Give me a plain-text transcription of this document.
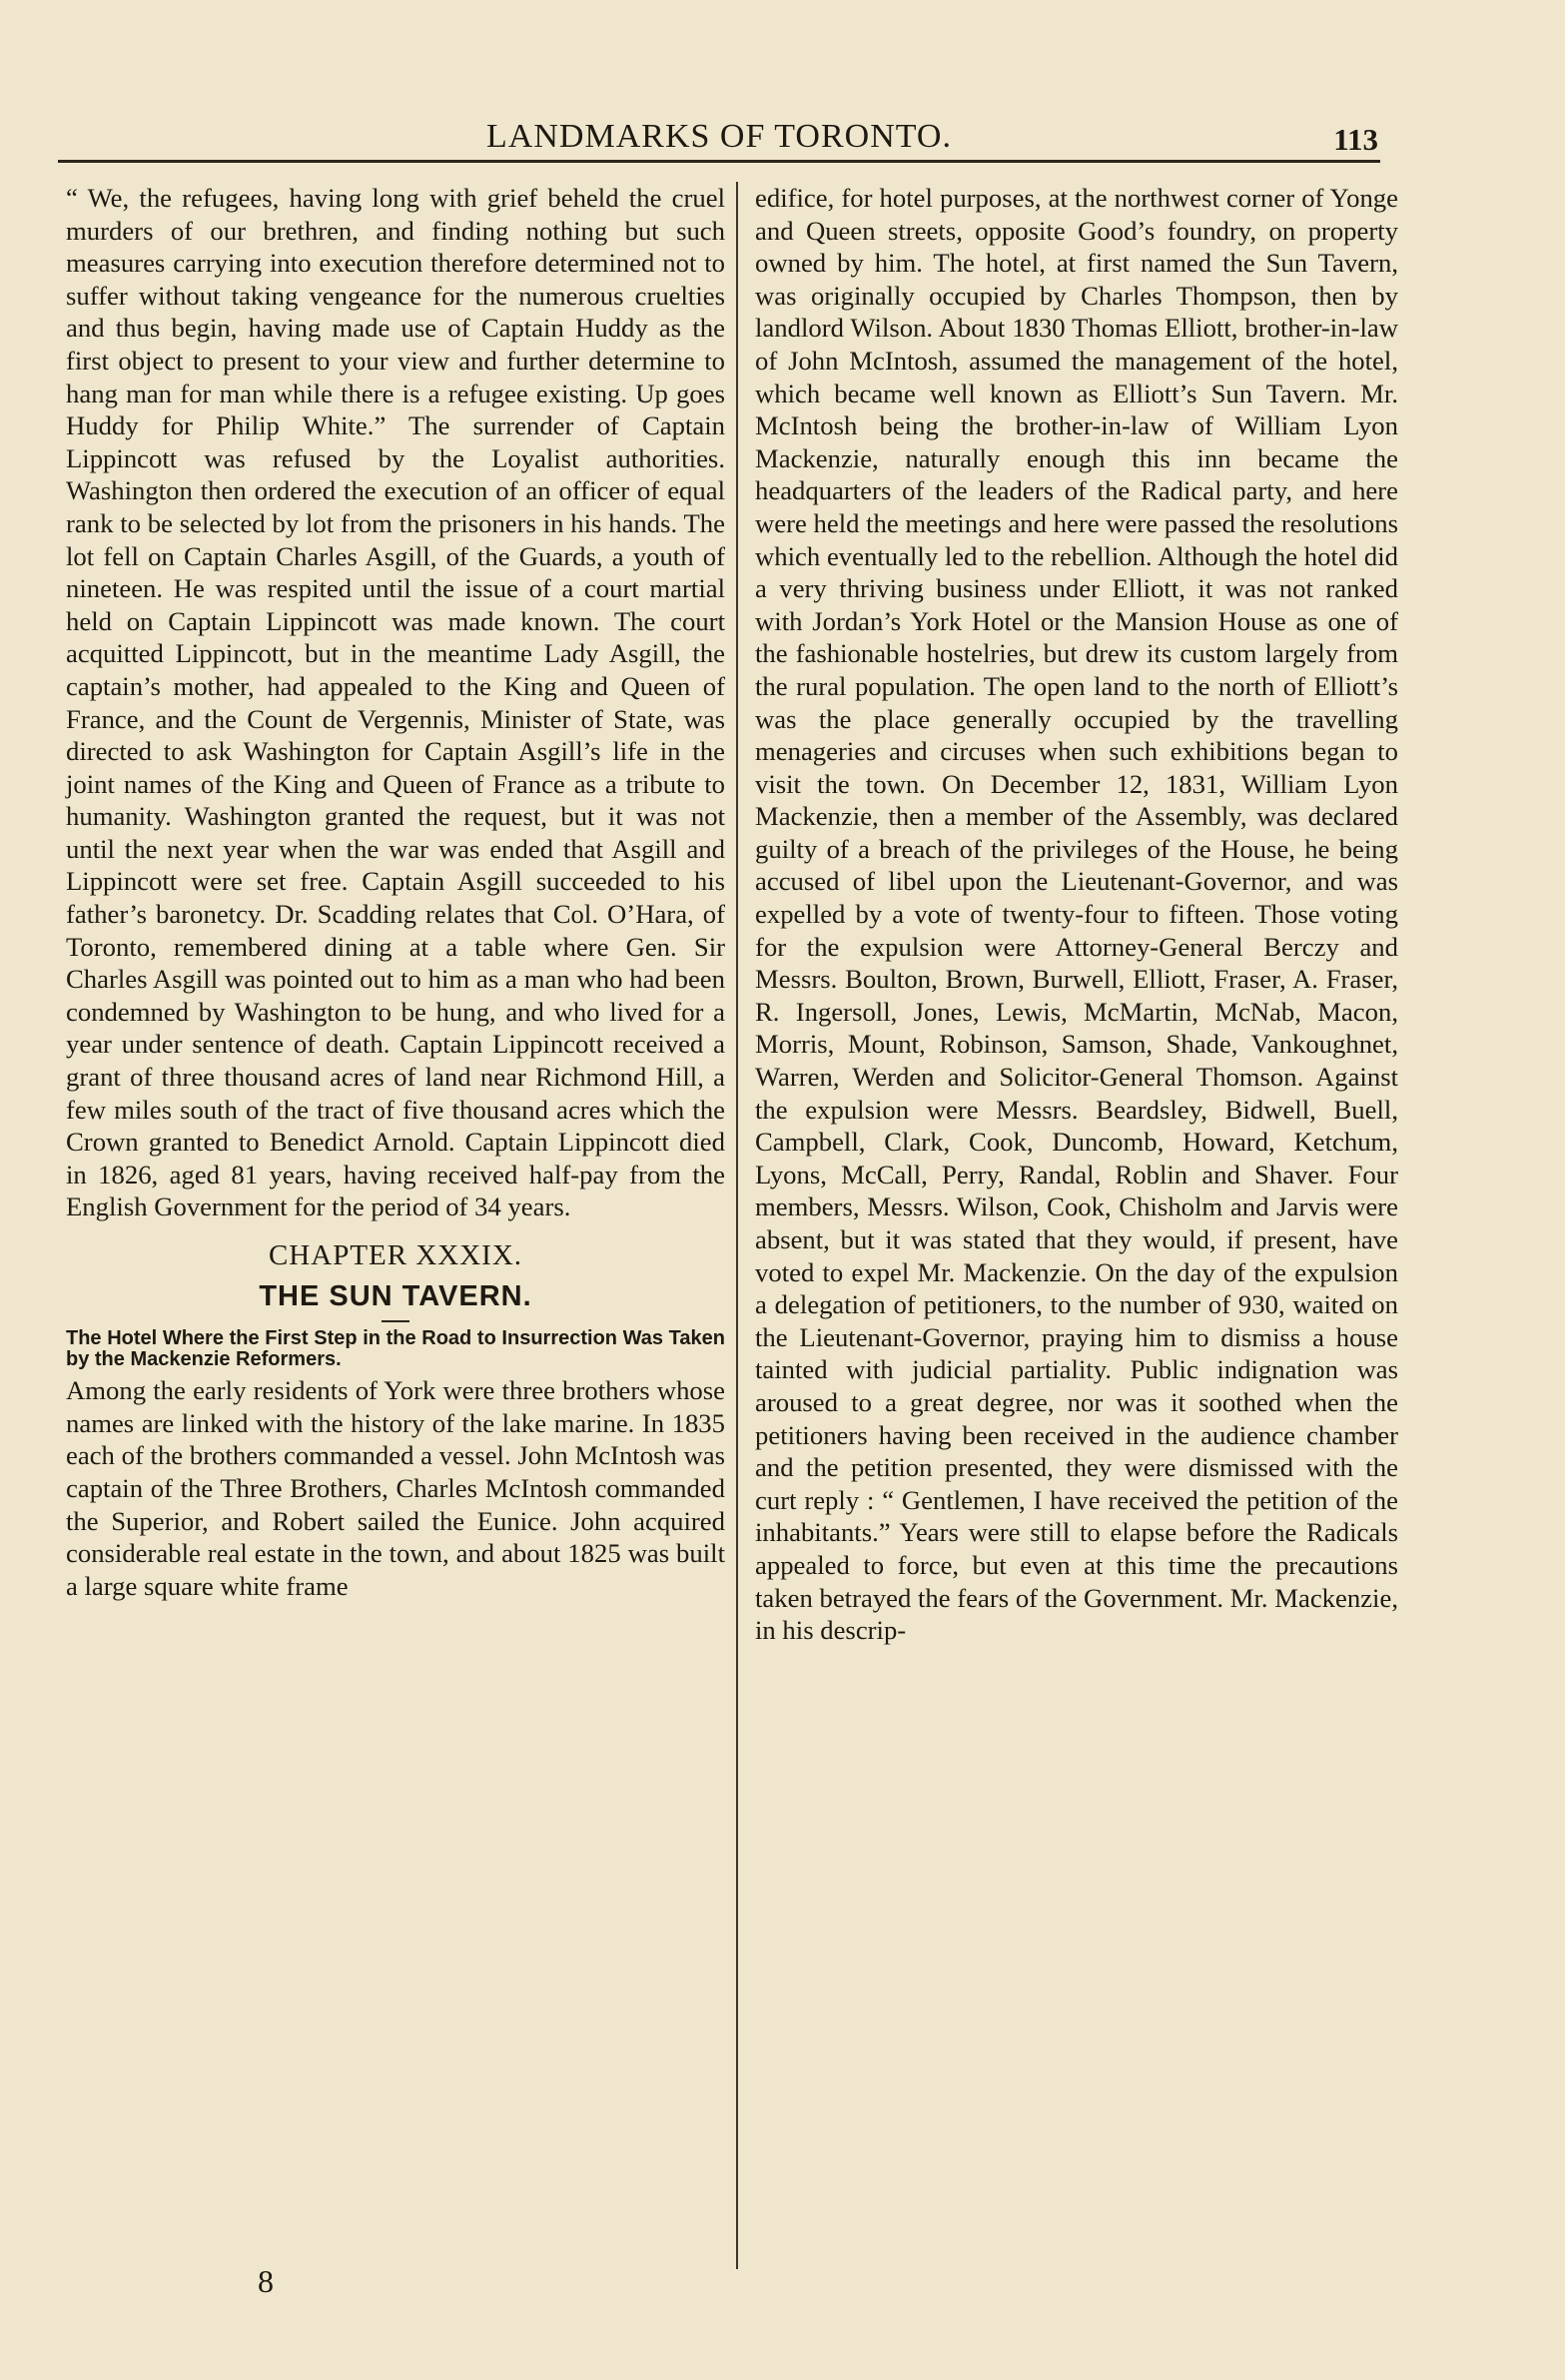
LANDMARKS OF TORONTO.	113

“ We, the refugees, having long with grief beheld the cruel murders of our brethren, and finding nothing but such measures carrying into execution therefore determined not to suffer without taking vengeance for the numerous cruelties and thus begin, having made use of Captain Huddy as the first object to present to your view and further determine to hang man for man while there is a refugee existing. Up goes Huddy for Philip White.” The surrender of Captain Lippincott was refused by the Loyalist authorities. Washington then ordered the execution of an officer of equal rank to be selected by lot from the prisoners in his hands. The lot fell on Captain Charles Asgill, of the Guards, a youth of nineteen. He was respited until the issue of a court martial held on Captain Lippincott was made known. The court acquitted Lippincott, but in the meantime Lady Asgill, the captain’s mother, had appealed to the King and Queen of France, and the Count de Vergennis, Minister of State, was directed to ask Washington for Captain Asgill’s life in the joint names of the King and Queen of France as a tribute to humanity. Washington granted the request, but it was not until the next year when the war was ended that Asgill and Lippincott were set free. Captain Asgill succeeded to his father’s baronetcy. Dr. Scadding relates that Col. O’Hara, of Toronto, remembered dining at a table where Gen. Sir Charles Asgill was pointed out to him as a man who had been condemned by Washington to be hung, and who lived for a year under sentence of death. Captain Lippincott received a grant of three thousand acres of land near Richmond Hill, a few miles south of the tract of five thousand acres which the Crown granted to Benedict Arnold. Captain Lippincott died in 1826, aged 81 years, having received half-pay from the English Government for the period of 34 years.

CHAPTER XXXIX.
THE SUN TAVERN.
The Hotel Where the First Step in the Road to Insurrection Was Taken by the Mackenzie Reformers.

Among the early residents of York were three brothers whose names are linked with the history of the lake marine. In 1835 each of the brothers commanded a vessel. John McIntosh was captain of the Three Brothers, Charles McIntosh commanded the Superior, and Robert sailed the Eunice. John acquired considerable real estate in the town, and about 1825 was built a large square white frame

edifice, for hotel purposes, at the northwest corner of Yonge and Queen streets, opposite Good’s foundry, on property owned by him. The hotel, at first named the Sun Tavern, was originally occupied by Charles Thompson, then by landlord Wilson. About 1830 Thomas Elliott, brother-in-law of John McIntosh, assumed the management of the hotel, which became well known as Elliott’s Sun Tavern. Mr. McIntosh being the brother-in-law of William Lyon Mackenzie, naturally enough this inn became the headquarters of the leaders of the Radical party, and here were held the meetings and here were passed the resolutions which eventually led to the rebellion. Although the hotel did a very thriving business under Elliott, it was not ranked with Jordan’s York Hotel or the Mansion House as one of the fashionable hostelries, but drew its custom largely from the rural population. The open land to the north of Elliott’s was the place generally occupied by the travelling menageries and circuses when such exhibitions began to visit the town. On December 12, 1831, William Lyon Mackenzie, then a member of the Assembly, was declared guilty of a breach of the privileges of the House, he being accused of libel upon the Lieutenant-Governor, and was expelled by a vote of twenty-four to fifteen. Those voting for the expulsion were Attorney-General Berczy and Messrs. Boulton, Brown, Burwell, Elliott, Fraser, A. Fraser, R. Ingersoll, Jones, Lewis, McMartin, McNab, Macon, Morris, Mount, Robinson, Samson, Shade, Vankoughnet, Warren, Werden and Solicitor-General Thomson. Against the expulsion were Messrs. Beardsley, Bidwell, Buell, Campbell, Clark, Cook, Duncomb, Howard, Ketchum, Lyons, McCall, Perry, Randal, Roblin and Shaver. Four members, Messrs. Wilson, Cook, Chisholm and Jarvis were absent, but it was stated that they would, if present, have voted to expel Mr. Mackenzie. On the day of the expulsion a delegation of petitioners, to the number of 930, waited on the Lieutenant-Governor, praying him to dismiss a house tainted with judicial partiality. Public indignation was aroused to a great degree, nor was it soothed when the petitioners having been received in the audience chamber and the petition presented, they were dismissed with the curt reply : “ Gentlemen, I have received the petition of the inhabitants.” Years were still to elapse before the Radicals appealed to force, but even at this time the precautions taken betrayed the fears of the Government. Mr. Mackenzie, in his descrip-

8
